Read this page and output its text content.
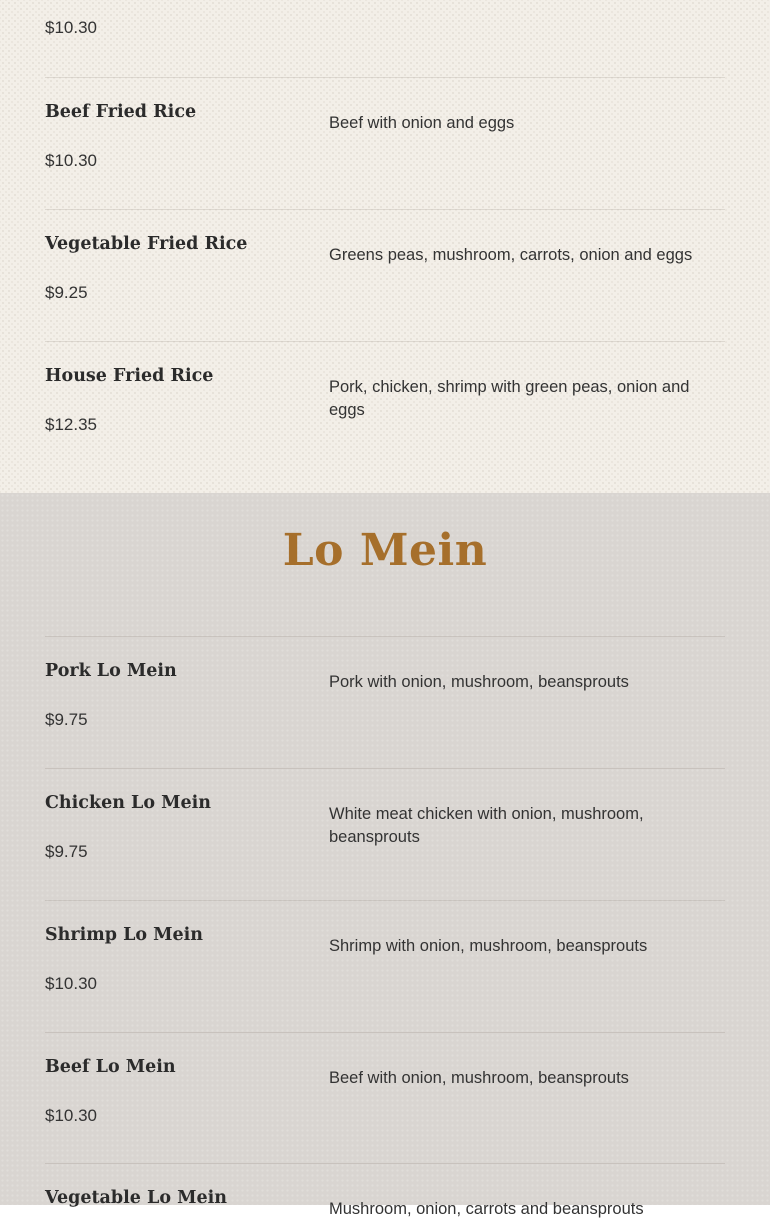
$10.30

Beef Fried Rice

$10.30

Beef with onion and eggs

Vegetable Fried Rice

$9.25

Greens peas, mushroom, carrots, onion and eggs

House Fried Rice

$12.35

Pork, chicken, shrimp with green peas, onion and eggs

Lo Mein
Pork Lo Mein

$9.75

Pork with onion, mushroom, beansprouts

Chicken Lo Mein

$9.75

White meat chicken with onion, mushroom, beansprouts

Shrimp Lo Mein

$10.30

Shrimp with onion, mushroom, beansprouts

Beef Lo Mein

$10.30

Beef with onion, mushroom, beansprouts

Vegetable Lo Mein

Mushroom, onion, carrots and beansprouts
